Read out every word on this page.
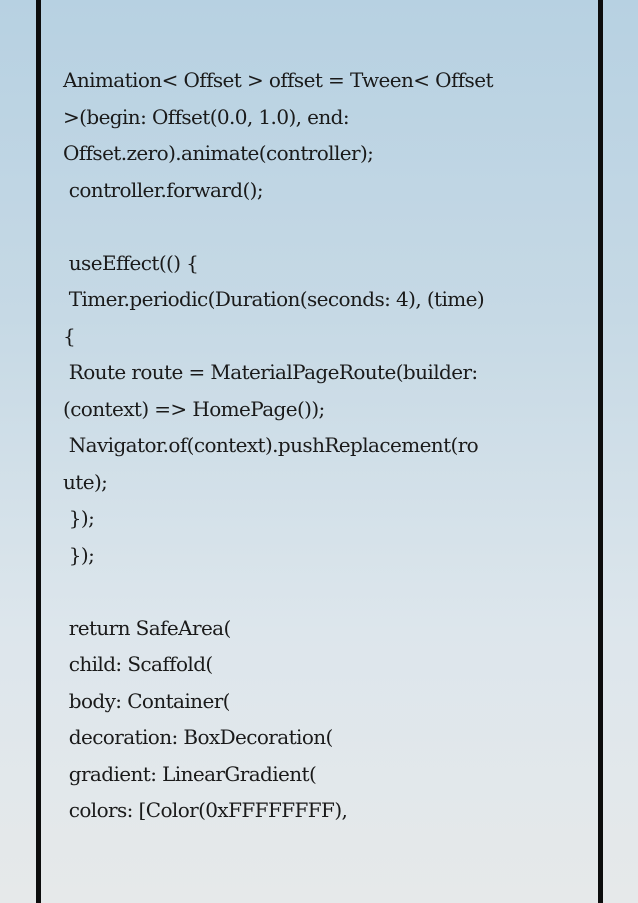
Animation< Offset > offset = Tween< Offset
>(begin: Offset(0.0, 1.0), end:
Offset.zero).animate(controller);
controller.forward();
useEffect(() {
Timer.periodic(Duration(seconds: 4), (time)
{
Route route = MaterialPageRoute(builder:
(context) => HomePage());
Navigator.of(context).pushReplacement(ro
ute);
});
});
return SafeArea(
child: Scaffold(
body: Container(
decoration: BoxDecoration(
gradient: LinearGradient(
colors: [Color(0xFFFFFFFF),
